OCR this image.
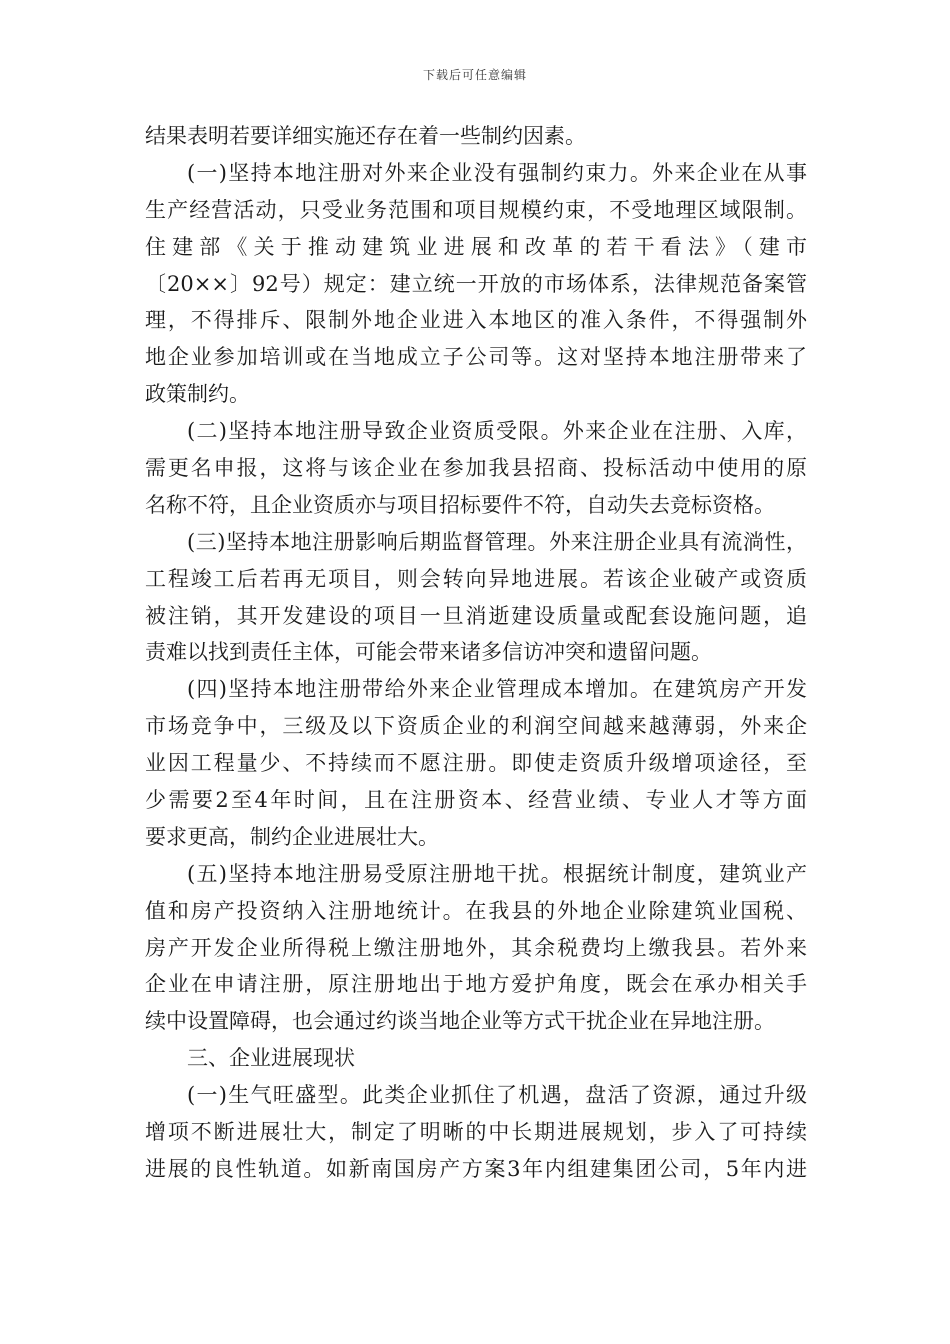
下载后可任意编辑
结果表明若要详细实施还存在着一些制约因素。
(一)坚持本地注册对外来企业没有强制约束力。外来企业在从事
生产经营活动，只受业务范围和项目规模约束，不受地理区域限制。
住建部《关于推动建筑业进展和改革的若干看法》（建市
〔20××〕92号）规定：建立统一开放的市场体系，法律规范备案管
理，不得排斥、限制外地企业进入本地区的准入条件，不得强制外
地企业参加培训或在当地成立子公司等。这对坚持本地注册带来了
政策制约。
(二)坚持本地注册导致企业资质受限。外来企业在注册、入库，
需更名申报，这将与该企业在参加我县招商、投标活动中使用的原
名称不符，且企业资质亦与项目招标要件不符，自动失去竞标资格。
(三)坚持本地注册影响后期监督管理。外来注册企业具有流淌性，
工程竣工后若再无项目，则会转向异地进展。若该企业破产或资质
被注销，其开发建设的项目一旦消逝建设质量或配套设施问题，追
责难以找到责任主体，可能会带来诸多信访冲突和遗留问题。
(四)坚持本地注册带给外来企业管理成本增加。在建筑房产开发
市场竞争中，三级及以下资质企业的利润空间越来越薄弱，外来企
业因工程量少、不持续而不愿注册。即使走资质升级增项途径，至
少需要2至4年时间，且在注册资本、经营业绩、专业人才等方面
要求更高，制约企业进展壮大。
(五)坚持本地注册易受原注册地干扰。根据统计制度，建筑业产
值和房产投资纳入注册地统计。在我县的外地企业除建筑业国税、
房产开发企业所得税上缴注册地外，其余税费均上缴我县。若外来
企业在申请注册，原注册地出于地方爱护角度，既会在承办相关手
续中设置障碍，也会通过约谈当地企业等方式干扰企业在异地注册。
三、企业进展现状
(一)生气旺盛型。此类企业抓住了机遇，盘活了资源，通过升级
增项不断进展壮大，制定了明晰的中长期进展规划，步入了可持续
进展的良性轨道。如新南国房产方案3年内组建集团公司，5年内进
